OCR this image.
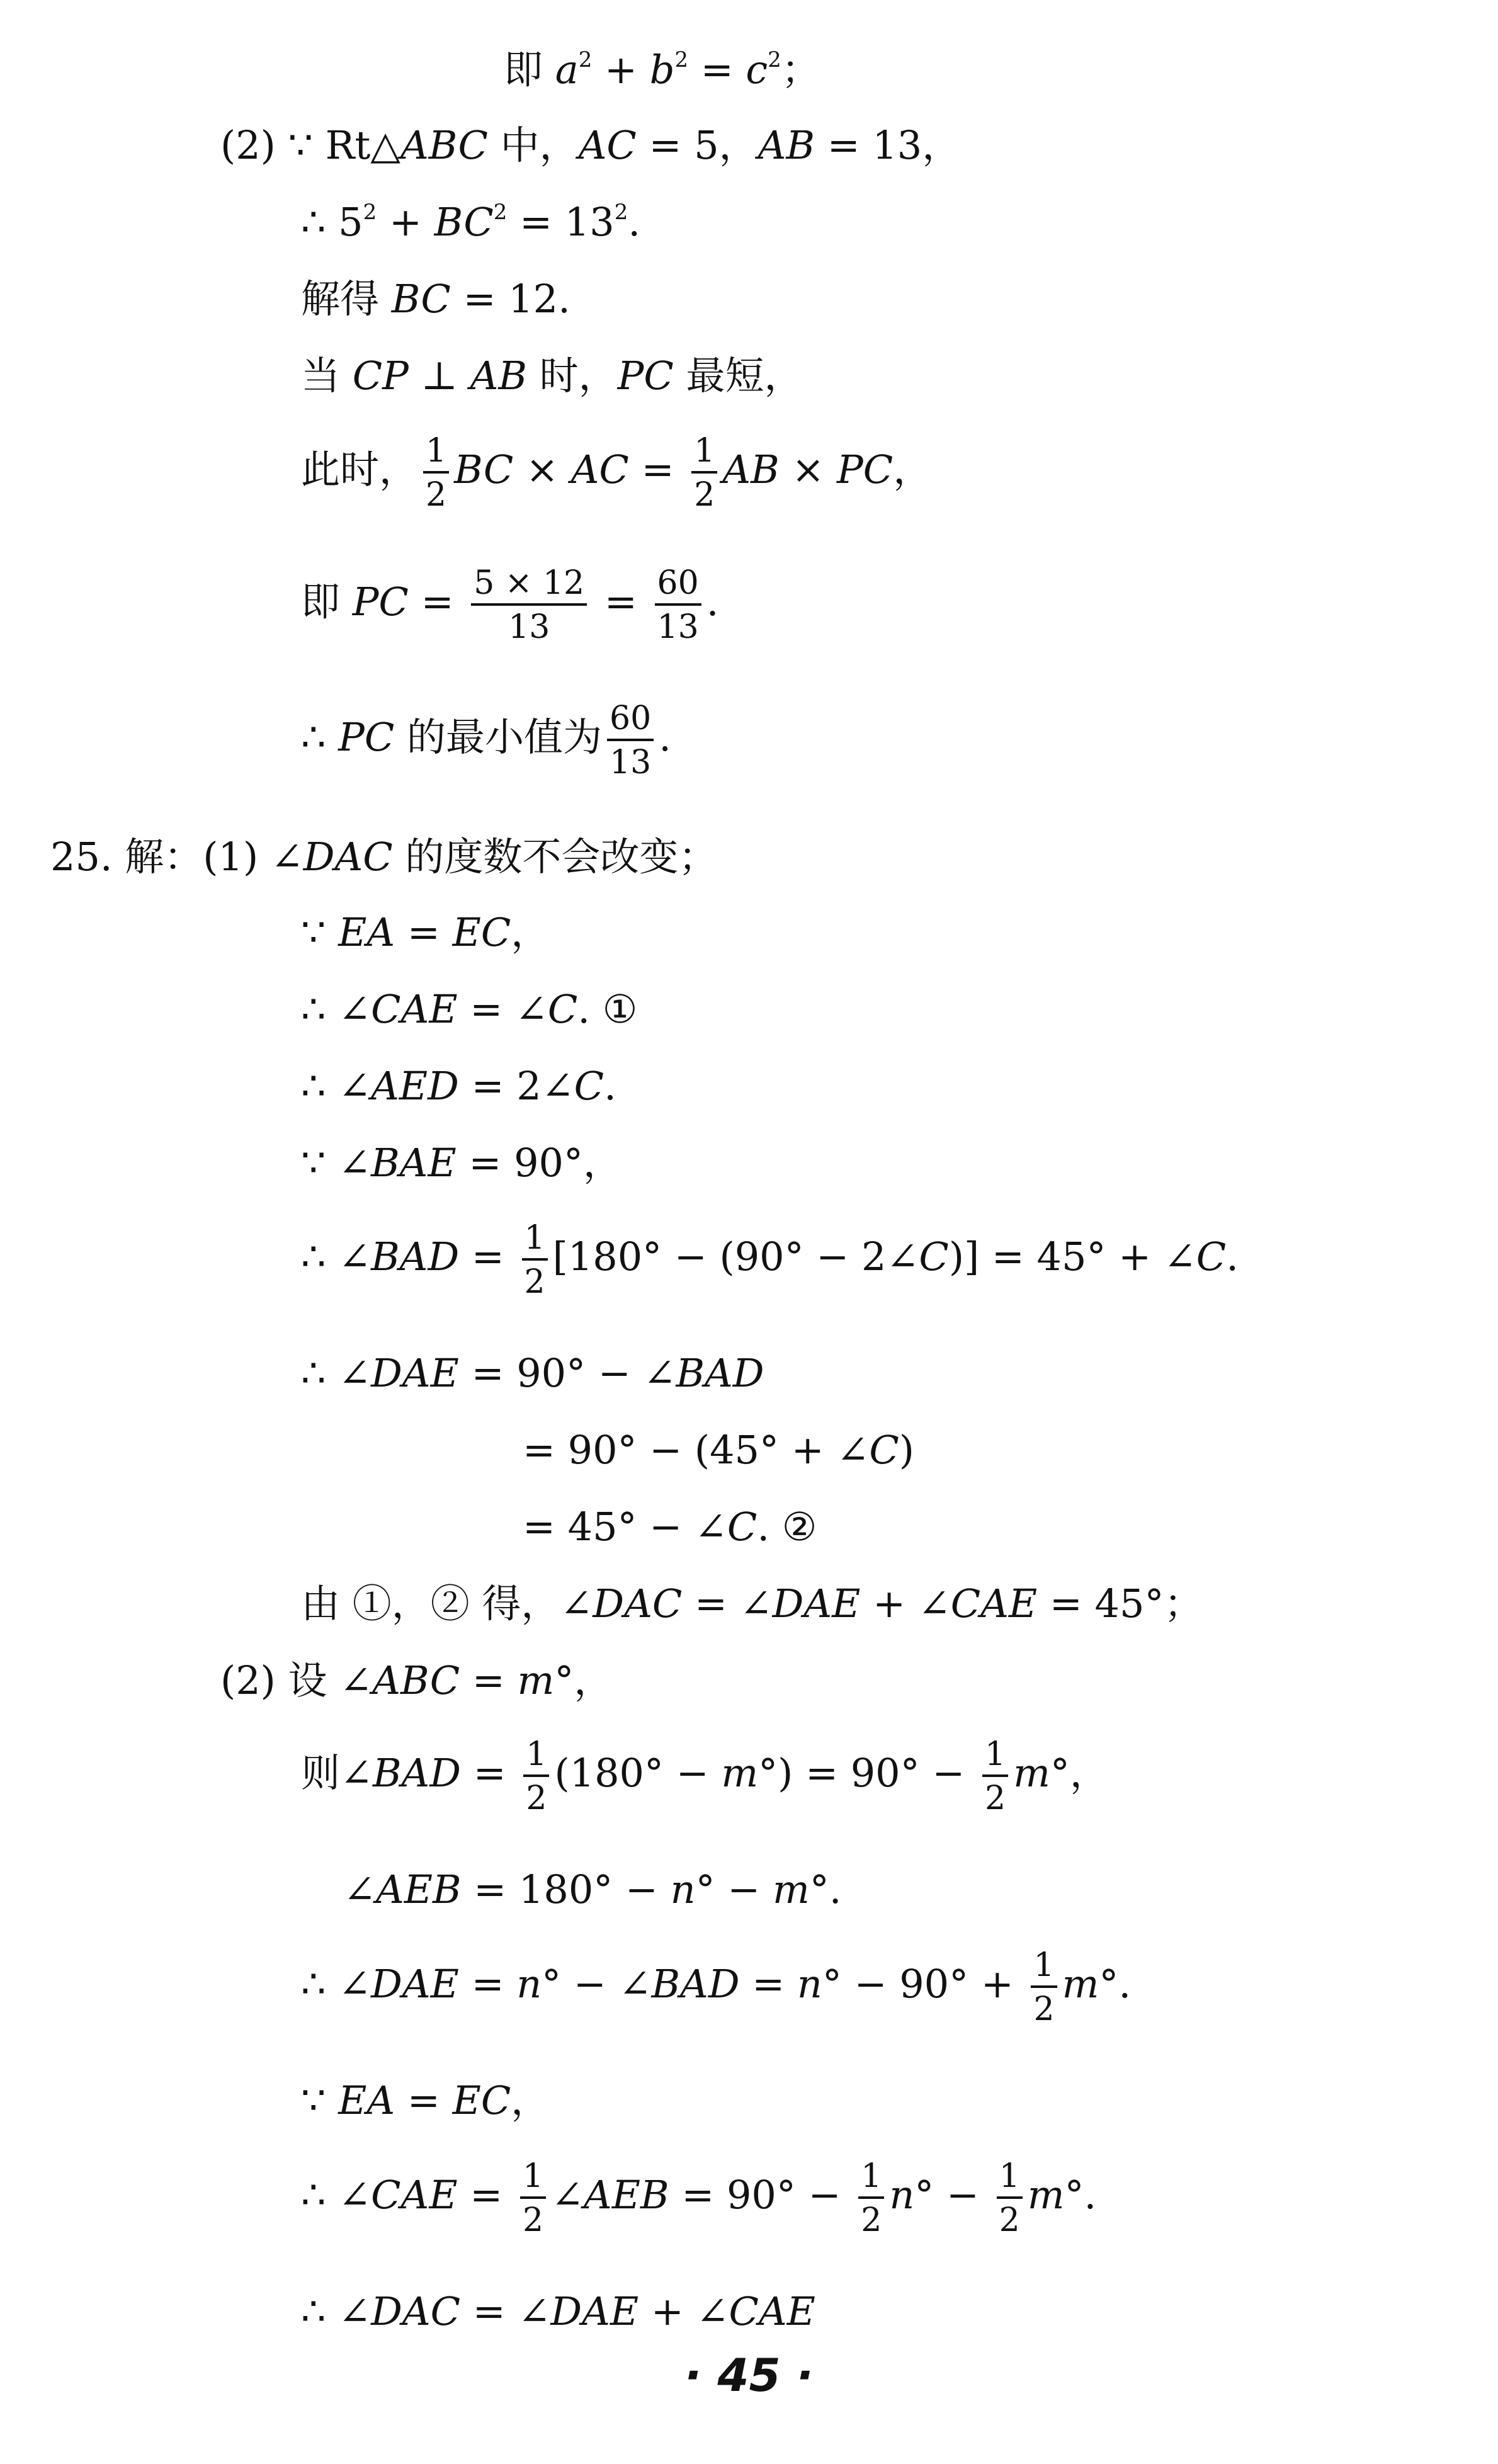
即 $a^2 + b^2 = c^2$；
(2) ∵ Rt△ABC 中，AC = 5，AB = 13，
∴ $5^2 + BC^2 = 13^2$.
解得 BC = 12.
当 CP ⊥ AB 时，PC 最短，
此时， $\frac{1}{2}$ BC × AC = $\frac{1}{2}$ AB × PC，
即 PC = $\frac{5 \times 12}{13} = \frac{60}{13}$ .
∴ PC 的最小值为 $\frac{60}{13}$ .
25. 解：(1) ∠DAC 的度数不会改变；
∵ EA = EC，
∴ ∠CAE = ∠C. ①
∴ ∠AED = 2∠C.
∵ ∠BAE = 90°，
∴ ∠BAD = $\frac{1}{2} [180^\circ - (90^\circ$ − 2∠C)] = 45° + ∠C.
∴ ∠DAE = 90° − ∠BAD
= 90° − (45° + ∠C)
= 45° − ∠C. ②
由 ①，② 得，∠DAC = ∠DAE + ∠CAE = 45°；
(2) 设 ∠ABC = m°，
则∠BAD = $\frac{1}{2} (180^\circ - m^\circ) = 90^\circ - \frac{1}{2} m^\circ$，
∠AEB = 180° − n° − m°.
∴ ∠DAE = n° − ∠BAD = $n^\circ - 90^\circ + \frac{1}{2} m^\circ$.
∵ EA = EC，
∴ ∠CAE = $\frac{1}{2}$ ∠AEB = $90^\circ - \frac{1}{2} n^\circ - \frac{1}{2} m^\circ$.
∴ ∠DAC = ∠DAE + ∠CAE
· 45 ·
